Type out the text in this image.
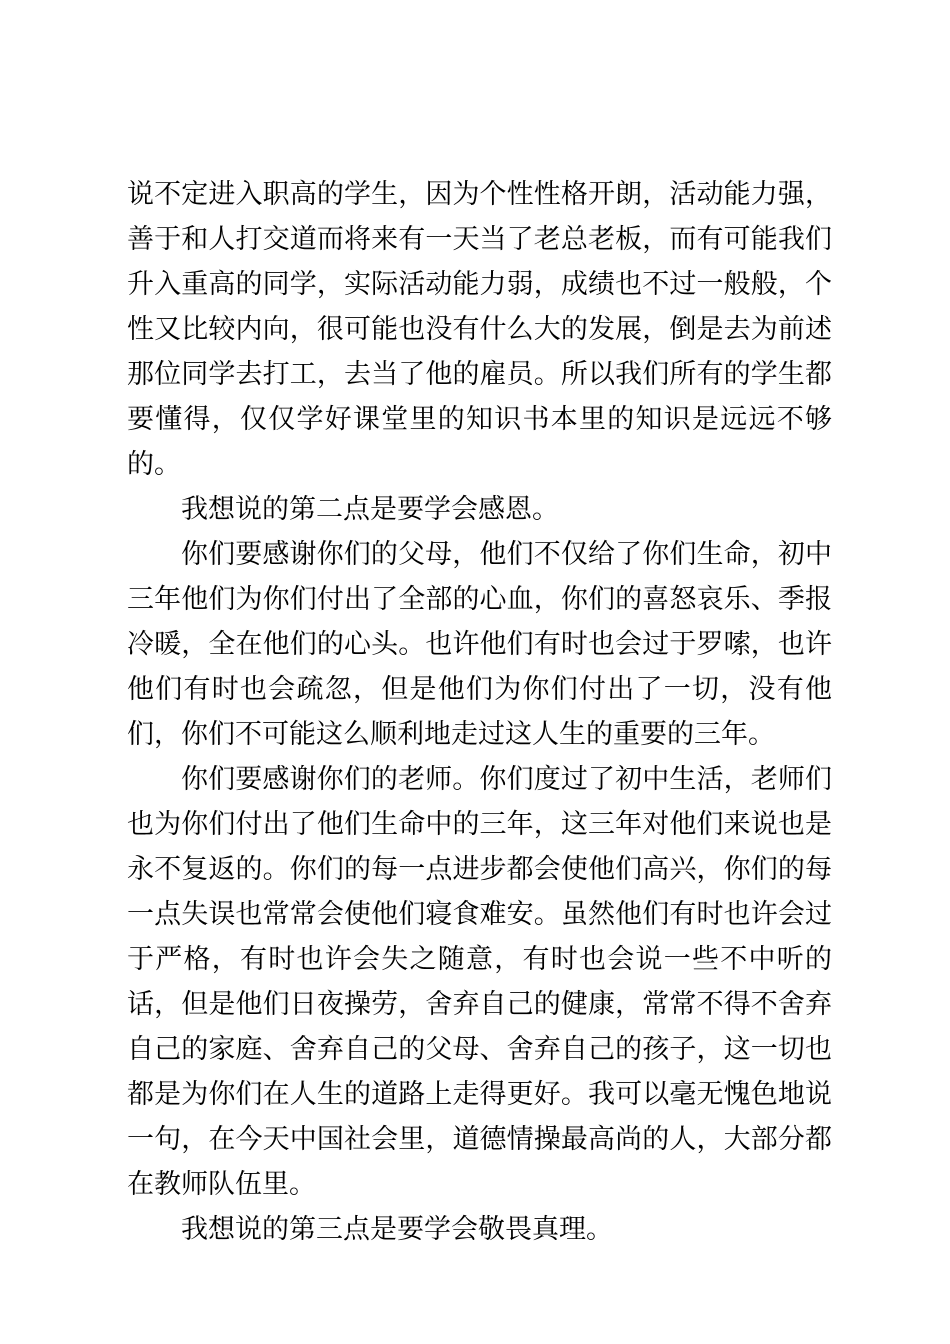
说不定进入职高的学生，因为个性性格开朗，活动能力强，善于和人打交道而将来有一天当了老总老板，而有可能我们升入重高的同学，实际活动能力弱，成绩也不过一般般，个性又比较内向，很可能也没有什么大的发展，倒是去为前述那位同学去打工，去当了他的雇员。所以我们所有的学生都要懂得，仅仅学好课堂里的知识书本里的知识是远远不够的。

我想说的第二点是要学会感恩。

你们要感谢你们的父母，他们不仅给了你们生命，初中三年他们为你们付出了全部的心血，你们的喜怒哀乐、季报冷暖，全在他们的心头。也许他们有时也会过于罗嗦，也许他们有时也会疏忽，但是他们为你们付出了一切，没有他们，你们不可能这么顺利地走过这人生的重要的三年。

你们要感谢你们的老师。你们度过了初中生活，老师们也为你们付出了他们生命中的三年，这三年对他们来说也是永不复返的。你们的每一点进步都会使他们高兴，你们的每一点失误也常常会使他们寝食难安。虽然他们有时也许会过于严格，有时也许会失之随意，有时也会说一些不中听的话，但是他们日夜操劳，舍弃自己的健康，常常不得不舍弃自己的家庭、舍弃自己的父母、舍弃自己的孩子，这一切也都是为你们在人生的道路上走得更好。我可以毫无愧色地说一句，在今天中国社会里，道德情操最高尚的人，大部分都在教师队伍里。

我想说的第三点是要学会敬畏真理。
